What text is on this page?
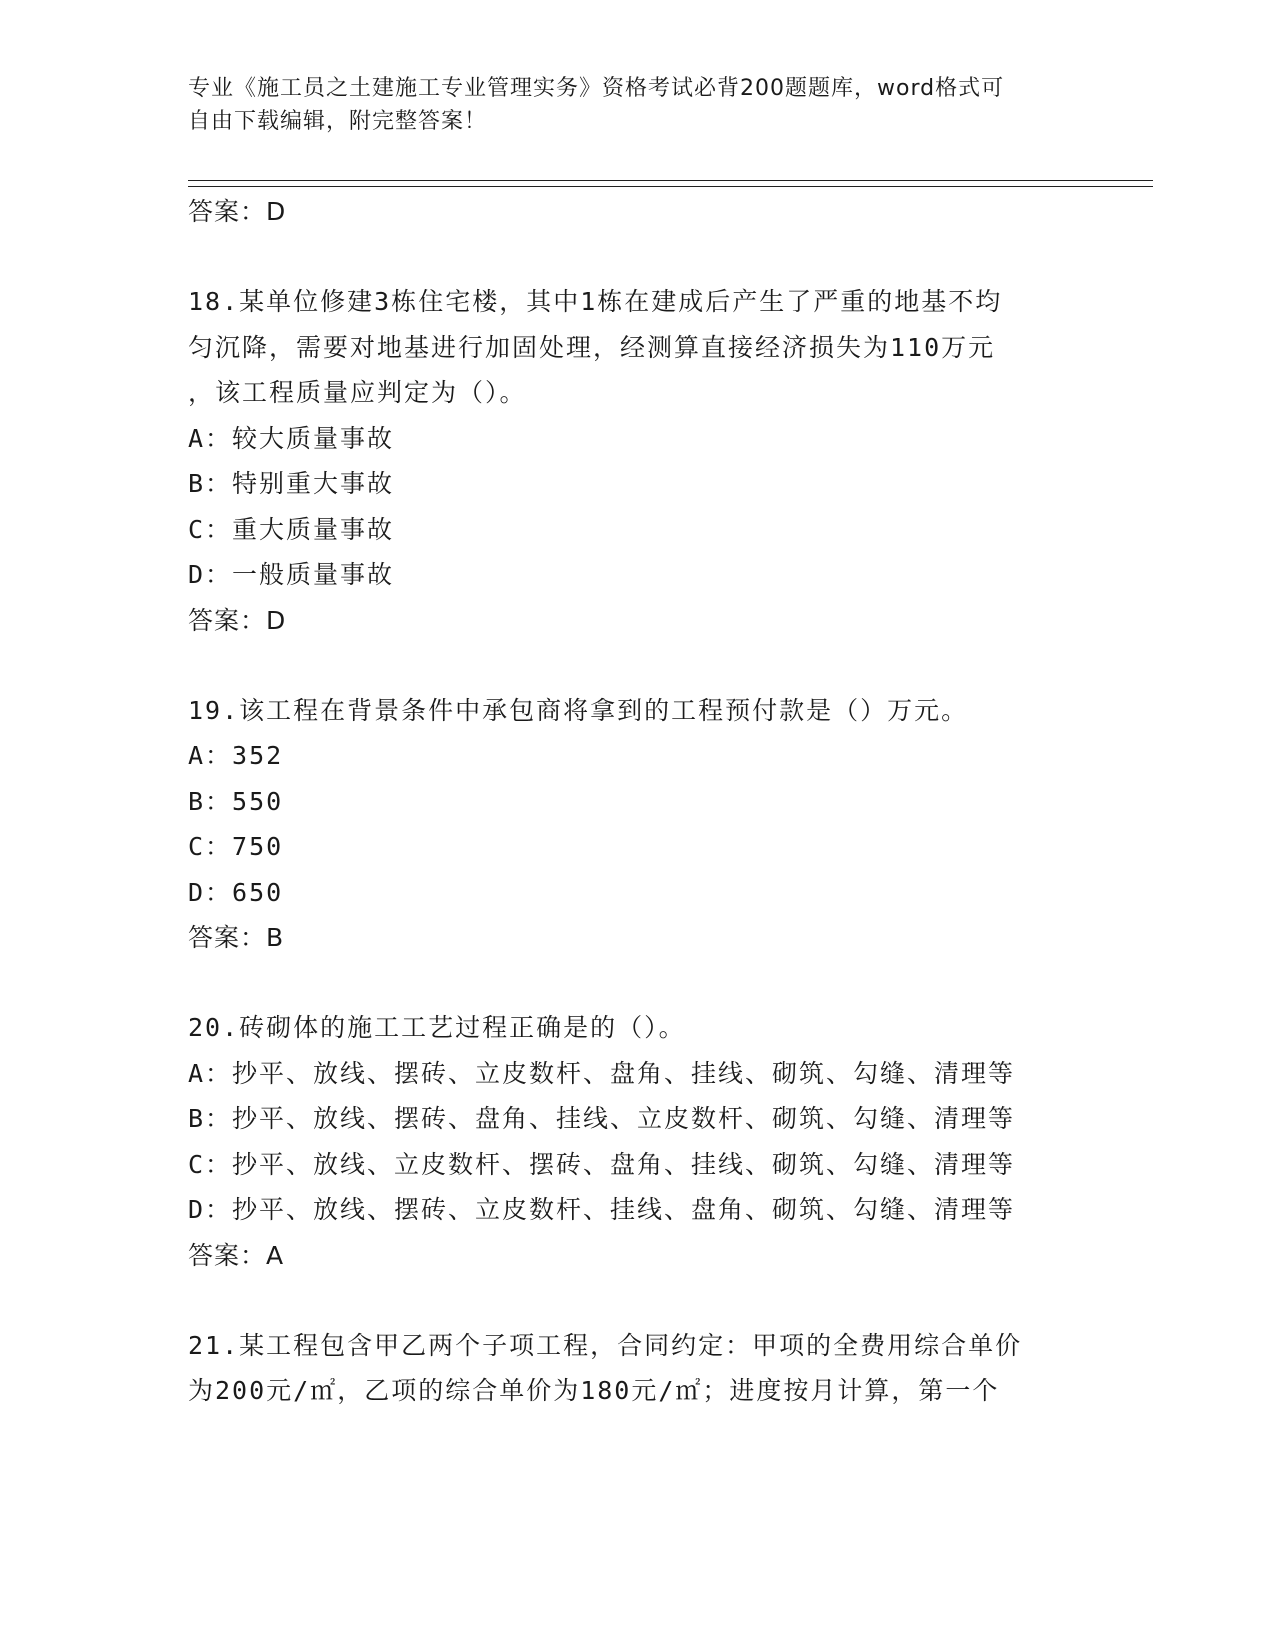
专业《施工员之土建施工专业管理实务》资格考试必背200题题库，word格式可
自由下载编辑，附完整答案！
答案：D
18.某单位修建3栋住宅楼，其中1栋在建成后产生了严重的地基不均
匀沉降，需要对地基进行加固处理，经测算直接经济损失为110万元
，该工程质量应判定为（）。
A：较大质量事故
B：特别重大事故
C：重大质量事故
D：一般质量事故
答案：D
19.该工程在背景条件中承包商将拿到的工程预付款是（）万元。
A：352
B：550
C：750
D：650
答案：B
20.砖砌体的施工工艺过程正确是的（）。
A：抄平、放线、摆砖、立皮数杆、盘角、挂线、砌筑、勾缝、清理等
B：抄平、放线、摆砖、盘角、挂线、立皮数杆、砌筑、勾缝、清理等
C：抄平、放线、立皮数杆、摆砖、盘角、挂线、砌筑、勾缝、清理等
D：抄平、放线、摆砖、立皮数杆、挂线、盘角、砌筑、勾缝、清理等
答案：A
21.某工程包含甲乙两个子项工程，合同约定：甲项的全费用综合单价
为200元/㎡，乙项的综合单价为180元/㎡；进度按月计算，第一个
